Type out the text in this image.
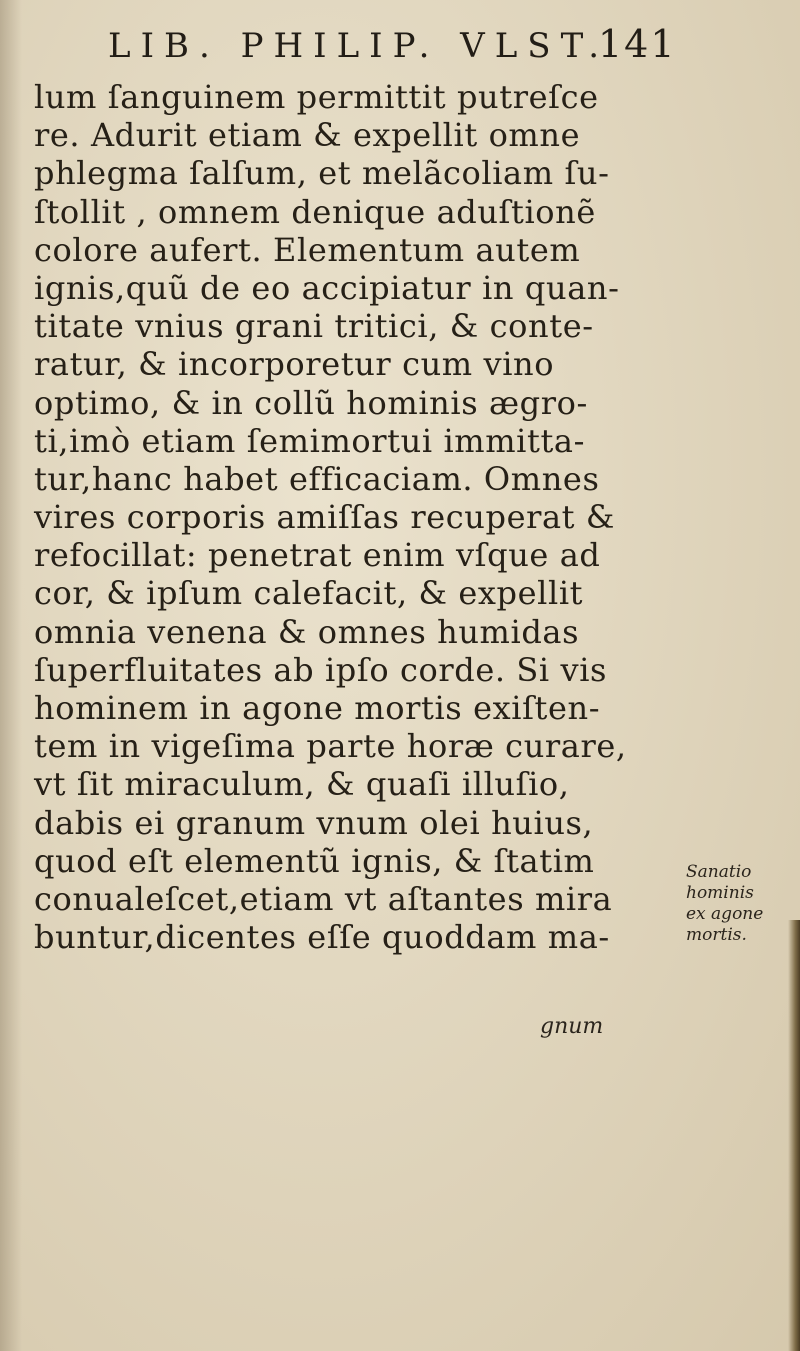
LIB. PHILIP. VLST.
141
lum ſanguinem permittit putreſce
re. Adurit etiam & expellit omne
phlegma ſalſum, et melãcoliam ſu-
ſtollit , omnem denique aduſtionẽ
colore aufert. Elementum autem
ignis,quũ de eo accipiatur in quan-
titate vnius grani tritici, & conte-
ratur, & incorporetur cum vino
optimo, & in collũ hominis ægro-
ti,imò etiam ſemimortui immitta-
tur,hanc habet efficaciam. Omnes
vires corporis amiſſas recuperat &
refocillat: penetrat enim vſque ad
cor, & ipſum calefacit, & expellit
omnia venena & omnes humidas
ſuperfluitates ab ipſo corde. Si vis
hominem in agone mortis exiſten-
tem in vigeſima parte horæ curare,
vt ſit miraculum, & quaſi illuſio,
dabis ei granum vnum olei huius,
quod eſt elementũ ignis, & ſtatim
conualeſcet,etiam vt aſtantes mira
buntur,dicentes eſſe quoddam ma-
Sanatio
hominis
ex agone
mortis.
gnum
